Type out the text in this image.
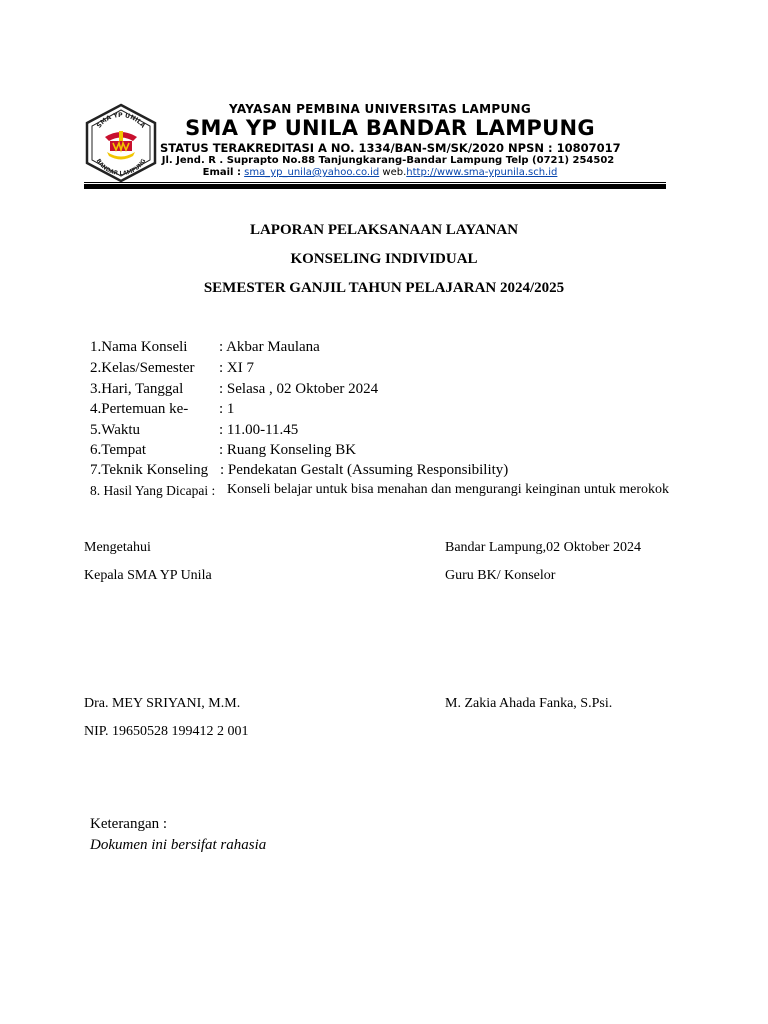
SMA YP UNILA
BANDAR LAMPUNG
YAYASAN PEMBINA UNIVERSITAS LAMPUNG
SMA YP UNILA BANDAR LAMPUNG
STATUS TERAKREDITASI A NO. 1334/BAN-SM/SK/2020 NPSN : 10807017
Jl. Jend. R . Suprapto No.88 Tanjungkarang-Bandar Lampung Telp (0721) 254502
Email : sma_yp_unila@yahoo.co.id web.http://www.sma-ypunila.sch.id
LAPORAN PELAKSANAAN LAYANAN
KONSELING INDIVIDUAL
SEMESTER GANJIL TAHUN PELAJARAN 2024/2025
1.Nama Konseli : Akbar Maulana
2.Kelas/Semester : XI 7
3.Hari, Tanggal : Selasa , 02 Oktober 2024
4.Pertemuan ke- : 1
5.Waktu	: 11.00-11.45
6.Tempat	: Ruang Konseling BK
7.Teknik Konseling : Pendekatan Gestalt (Assuming Responsibility)
8. Hasil Yang Dicapai : Konseli belajar untuk bisa menahan dan mengurangi keinginan untuk merokok
Mengetahui
Kepala SMA YP Unila
Dra. MEY SRIYANI, M.M.
NIP. 19650528 199412 2 001
Bandar Lampung,02 Oktober 2024
Guru BK/ Konselor
M. Zakia Ahada Fanka, S.Psi.
Keterangan :
Dokumen ini bersifat rahasia
